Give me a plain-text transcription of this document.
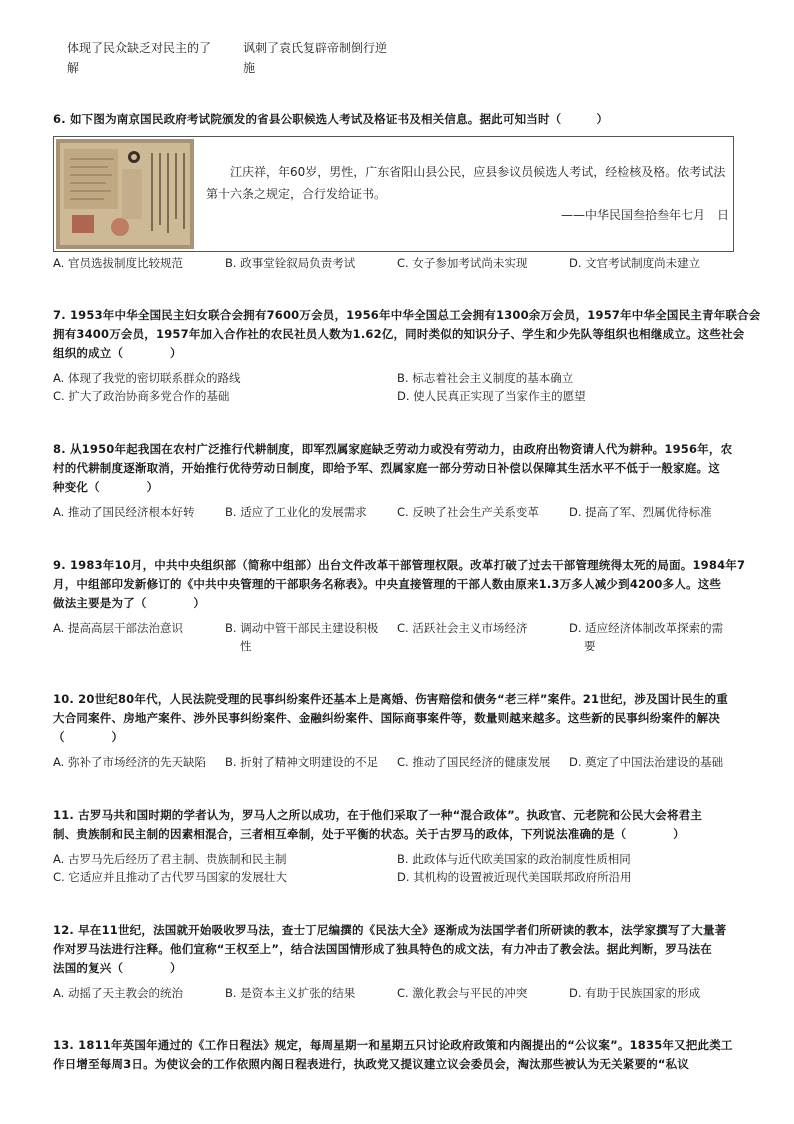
体现了民众缺乏对民主的了
解
讽刺了袁氏复辟帝制倒行逆
施
6. 如下图为南京国民政府考试院颁发的省县公职候选人考试及格证书及相关信息。据此可知当时（　　　）
江庆祥，年60岁，男性，广东省阳山县公民，应县参议员候选人考试，经检核及格。依考试法第十六条之规定，合行发给证书。
——中华民国叁拾叁年七月　日
A. 官员选拔制度比较规范	B. 政事堂铨叙局负责考试	C. 女子参加考试尚未实现	D. 文官考试制度尚未建立
7. 1953年中华全国民主妇女联合会拥有7600万会员，1956年中华全国总工会拥有1300余万会员，1957年中华全国民主青年联合会
拥有3400万会员，1957年加入合作社的农民社员人数为1.62亿，同时类似的知识分子、学生和少先队等组织也相继成立。这些社会
组织的成立（　　　　）
A. 体现了我党的密切联系群众的路线	B. 标志着社会主义制度的基本确立
C. 扩大了政治协商多党合作的基础	D. 使人民真正实现了当家作主的愿望
8. 从1950年起我国在农村广泛推行代耕制度，即军烈属家庭缺乏劳动力或没有劳动力，由政府出物资请人代为耕种。1956年，农
村的代耕制度逐渐取消，开始推行优待劳动日制度，即给予军、烈属家庭一部分劳动日补偿以保障其生活水平不低于一般家庭。这
种变化（　　　　）
A. 推动了国民经济根本好转	B. 适应了工业化的发展需求	C. 反映了社会生产关系变革	D. 提高了军、烈属优待标准
9. 1983年10月，中共中央组织部（简称中组部）出台文件改革干部管理权限。改革打破了过去干部管理统得太死的局面。1984年7
月，中组部印发新修订的《中共中央管理的干部职务名称表》。中央直接管理的干部人数由原来1.3万多人减少到4200多人。这些
做法主要是为了（　　　　）
A. 提高高层干部法治意识	B. 调动中管干部民主建设积极
性
C. 活跃社会主义市场经济	D. 适应经济体制改革探索的需
要
10. 20世纪80年代，人民法院受理的民事纠纷案件还基本上是离婚、伤害赔偿和债务“老三样”案件。21世纪，涉及国计民生的重
大合同案件、房地产案件、涉外民事纠纷案件、金融纠纷案件、国际商事案件等，数量则越来越多。这些新的民事纠纷案件的解决
（　　　　）
A. 弥补了市场经济的先天缺陷 B. 折射了精神文明建设的不足 C. 推动了国民经济的健康发展 D. 奠定了中国法治建设的基础
11. 古罗马共和国时期的学者认为，罗马人之所以成功，在于他们采取了一种“混合政体”。执政官、元老院和公民大会将君主
制、贵族制和民主制的因素相混合，三者相互牵制，处于平衡的状态。关于古罗马的政体，下列说法准确的是（　　　　）
A. 古罗马先后经历了君主制、贵族制和民主制	B. 此政体与近代欧美国家的政治制度性质相同
C. 它适应并且推动了古代罗马国家的发展壮大	D. 其机构的设置被近现代美国联邦政府所沿用
12. 早在11世纪，法国就开始吸收罗马法，查士丁尼编撰的《民法大全》逐渐成为法国学者们所研读的教本，法学家撰写了大量著
作对罗马法进行注释。他们宣称“王权至上”，结合法国国情形成了独具特色的成文法，有力冲击了教会法。据此判断，罗马法在
法国的复兴（　　　　）
A. 动摇了天主教会的统治	B. 是资本主义扩张的结果	C. 激化教会与平民的冲突	D. 有助于民族国家的形成
13. 1811年英国年通过的《工作日程法》规定，每周星期一和星期五只讨论政府政策和内阁提出的“公议案”。1835年又把此类工
作日增至每周3日。为使议会的工作依照内阁日程表进行，执政党又提议建立议会委员会，淘汰那些被认为无关紧要的“私议
